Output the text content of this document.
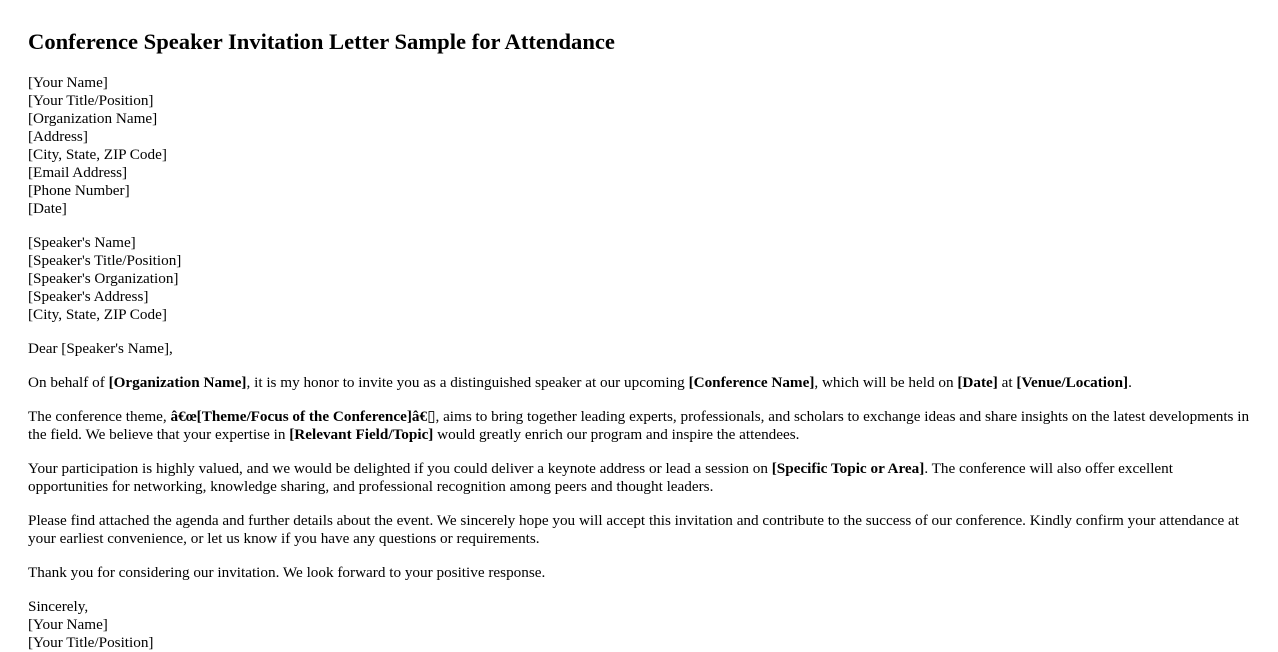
Conference Speaker Invitation Letter Sample for Attendance
[Your Name]
[Your Title/Position]
[Organization Name]
[Address]
[City, State, ZIP Code]
[Email Address]
[Phone Number]
[Date]
[Speaker's Name]
[Speaker's Title/Position]
[Speaker's Organization]
[Speaker's Address]
[City, State, ZIP Code]

Dear [Speaker's Name],

On behalf of [Organization Name], it is my honor to invite you as a distinguished speaker at our upcoming [Conference Name], which will be held on [Date] at [Venue/Location].

The conference theme, â€œ[Theme/Focus of the Conference]â€▯, aims to bring together leading experts, professionals, and scholars to exchange ideas and share insights on the latest developments in the field. We believe that your expertise in [Relevant Field/Topic] would greatly enrich our program and inspire the attendees.

Your participation is highly valued, and we would be delighted if you could deliver a keynote address or lead a session on [Specific Topic or Area]. The conference will also offer excellent opportunities for networking, knowledge sharing, and professional recognition among peers and thought leaders.

Please find attached the agenda and further details about the event. We sincerely hope you will accept this invitation and contribute to the success of our conference. Kindly confirm your attendance at your earliest convenience, or let us know if you have any questions or requirements.

Thank you for considering our invitation. We look forward to your positive response.

Sincerely,
[Your Name]
[Your Title/Position]
